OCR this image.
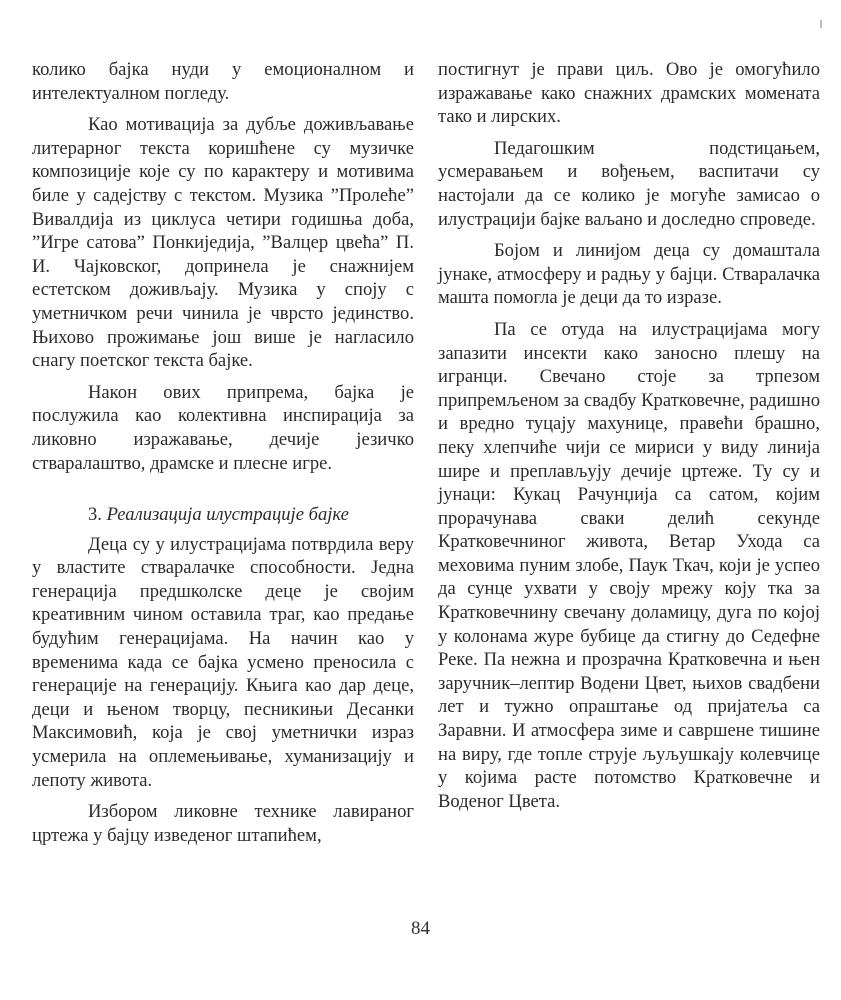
колико бајка нуди у емоционалном и интелектуалном погледу.

Као мотивација за дубље доживљавање литерарног текста коришћене су музичке композиције које су по карактеру и мотивима биле у садејству с текстом. Музика ”Пролеће” Вивалдија из циклуса четири годишња доба, ”Игре сатова” Понкиједија, ”Валцер цвећа” П. И. Чајковског, допринела је снажнијем естетском доживљају. Музика у споју с уметничком речи чинила је чврсто јединство. Њихово прожимање још више је нагласило снагу поетског текста бајке.

Након ових припрема, бајка је послужила као колективна инспирација за ликовно изражавање, дечије језичко стваралаштво, драмске и плесне игре.

3. Реализација илустрације бајке

Деца су у илустрацијама потврдила веру у властите стваралачке способности. Једна генерација предшколске деце је својим креативним чином оставила траг, као предање будућим генерацијама. На начин као у временима када се бајка усмено преносила с генерације на генерацију. Књига као дар деце, деци и њеном творцу, песникињи Десанки Максимовић, која је свој уметнички израз усмерила на оплемењивање, хуманизацију и лепоту живота.

Избором ликовне технике лавираног цртежа у бајцу изведеног штапићем,

постигнут је прави циљ. Ово је омогућило изражавање како снажних драмских момената тако и лирских.

Педагошким подстицањем, усмеравањем и вођењем, васпитачи су настојали да се колико је могуће замисао о илустрацији бајке ваљано и доследно спроведе.

Бојом и линијом деца су домаштала јунаке, атмосферу и радњу у бајци. Стваралачка машта помогла је деци да то изразе.

Па се отуда на илустрацијама могу запазити инсекти како заносно плешу на игранци. Свечано стоје за трпезом припремљеном за свадбу Кратковечне, радишно и вредно туцају махунице, правећи брашно, пеку хлепчиће чији се мириси у виду линија шире и преплављују дечије цртеже. Ту су и јунаци: Кукац Рачунџија са сатом, којим прорачунава сваки делић секунде Кратковечниног живота, Ветар Ухода са меховима пуним злобе, Паук Ткач, који је успео да сунце ухвати у своју мрежу коју тка за Кратковечнину свечану доламицу, дуга по којој у колонама журе бубице да стигну до Седефне Реке. Па нежна и прозрачна Кратковечна и њен заручник–лептир Водени Цвет, њихов свадбени лет и тужно опраштање од пријатеља са Заравни. И атмосфера зиме и савршене тишине на виру, где топле струје љуљушкају колевчице у којима расте потомство Кратковечне и Воденог Цвета.

84
